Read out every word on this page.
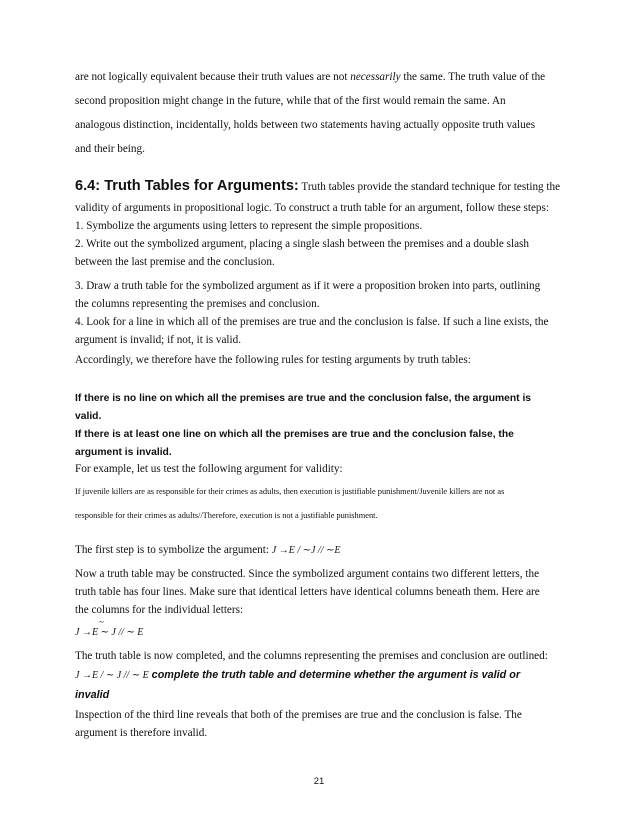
are not logically equivalent because their truth values are not necessarily the same. The truth value of the
second proposition might change in the future, while that of the first would remain the same. An
analogous distinction, incidentally, holds between two statements having actually opposite truth values
and their being.
6.4: Truth Tables for Arguments: Truth tables provide the standard technique for testing the
validity of arguments in propositional logic. To construct a truth table for an argument, follow these steps:
1. Symbolize the arguments using letters to represent the simple propositions.
2. Write out the symbolized argument, placing a single slash between the premises and a double slash
between the last premise and the conclusion.
3. Draw a truth table for the symbolized argument as if it were a proposition broken into parts, outlining
the columns representing the premises and conclusion.
4. Look for a line in which all of the premises are true and the conclusion is false. If such a line exists, the
argument is invalid; if not, it is valid.
Accordingly, we therefore have the following rules for testing arguments by truth tables:
If there is no line on which all the premises are true and the conclusion false, the argument is
valid.
If there is at least one line on which all the premises are true and the conclusion false, the
argument is invalid.
For example, let us test the following argument for validity:
If juvenile killers are as responsible for their crimes as adults, then execution is justifiable punishment/Juvenile killers are not as
responsible for their crimes as adults//Therefore, execution is not a justifiable punishment.
The first step is to symbolize the argument: J →E / ∼J // ∼E
Now a truth table may be constructed. Since the symbolized argument contains two different letters, the
truth table has four lines. Make sure that identical letters have identical columns beneath them. Here are
the columns for the individual letters:
~
J →E ∼ J // ∼ E
The truth table is now completed, and the columns representing the premises and conclusion are outlined:
J →E / ∼ J // ∼ E complete the truth table and determine whether the argument is valid or
invalid
Inspection of the third line reveals that both of the premises are true and the conclusion is false. The
argument is therefore invalid.
21
